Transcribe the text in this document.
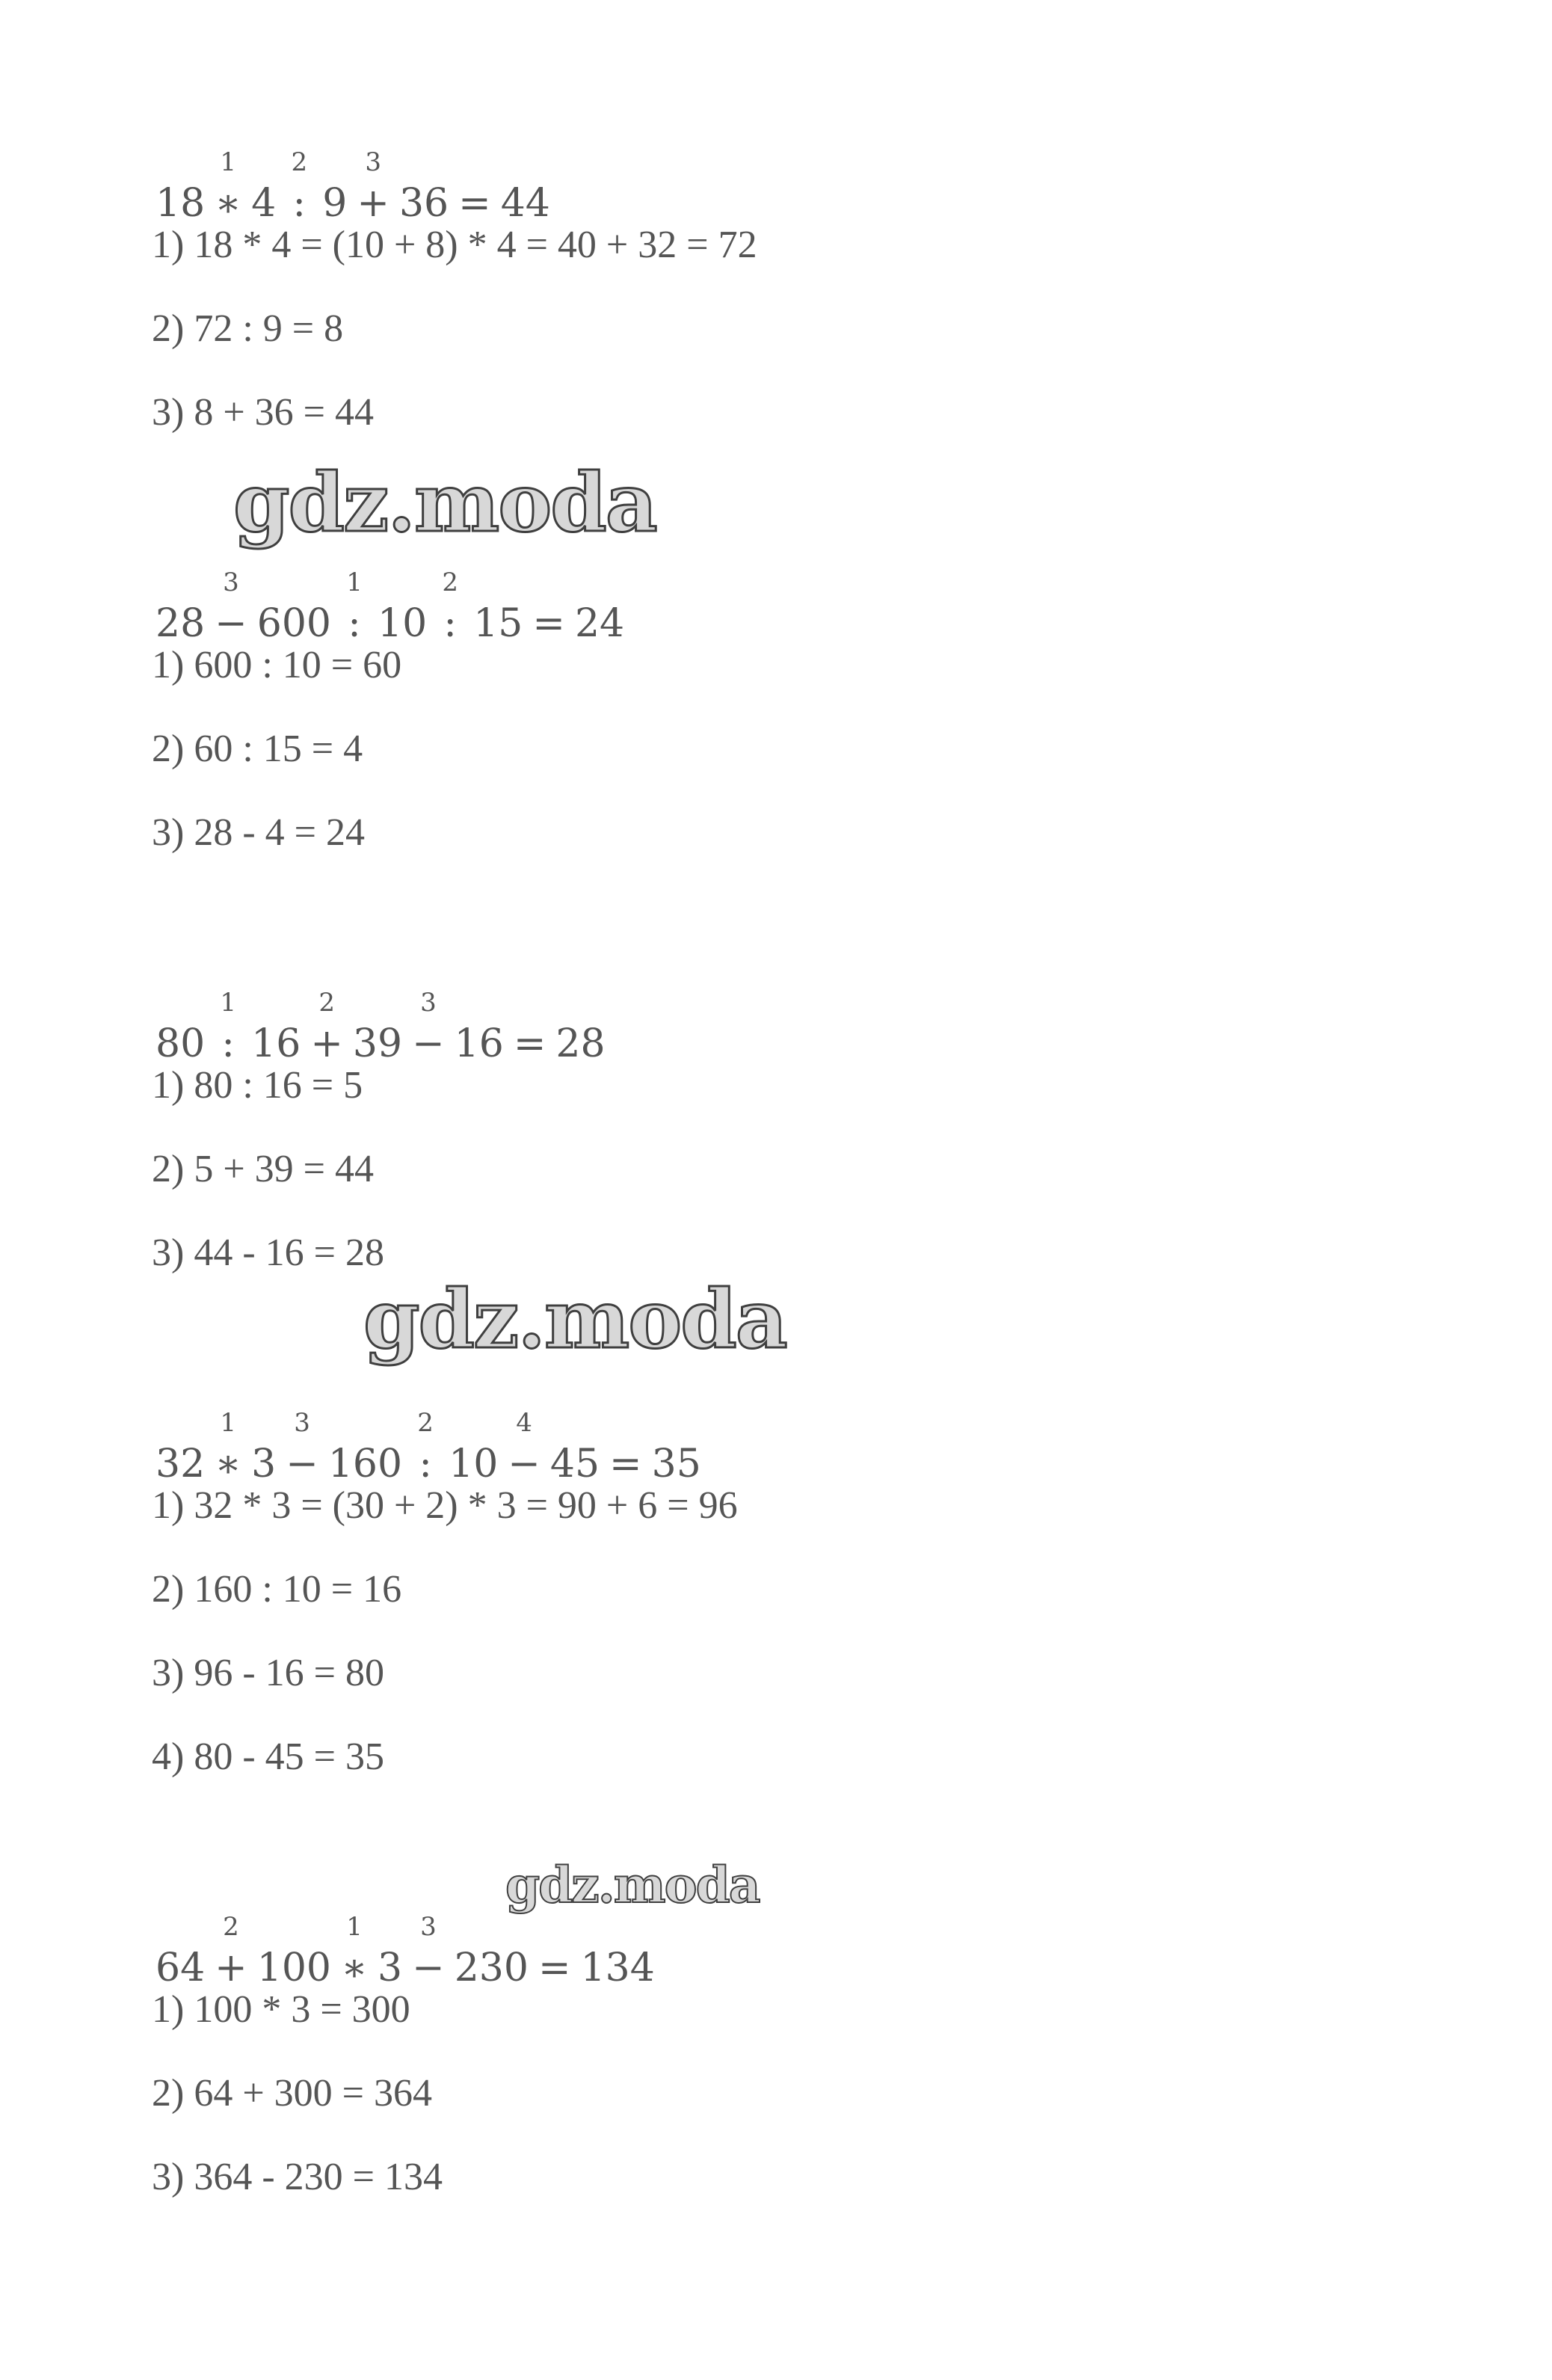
18 ∗
1
4 :
2
9 +
3
36 = 44
1) 18 * 4 = (10 + 8) * 4 = 40 + 32 = 72
2) 72 : 9 = 8
3) 8 + 36 = 44
28 −
3
600 :
1
10 :
2
15 = 24
1) 600 : 10 = 60
2) 60 : 15 = 4
3) 28 - 4 = 24
80 :
1
16 +
2
39 −
3
16 = 28
1) 80 : 16 = 5
2) 5 + 39 = 44
3) 44 - 16 = 28
32 ∗
1
3 −
3
160 :
2
10 −
4
45 = 35
1) 32 * 3 = (30 + 2) * 3 = 90 + 6 = 96
2) 160 : 10 = 16
3) 96 - 16 = 80
4) 80 - 45 = 35
64 +
2
100 ∗
1
3 −
3
230 = 134
1) 100 * 3 = 300
2) 64 + 300 = 364
3) 364 - 230 = 134
gdz.moda
gdz.moda
gdz.moda
